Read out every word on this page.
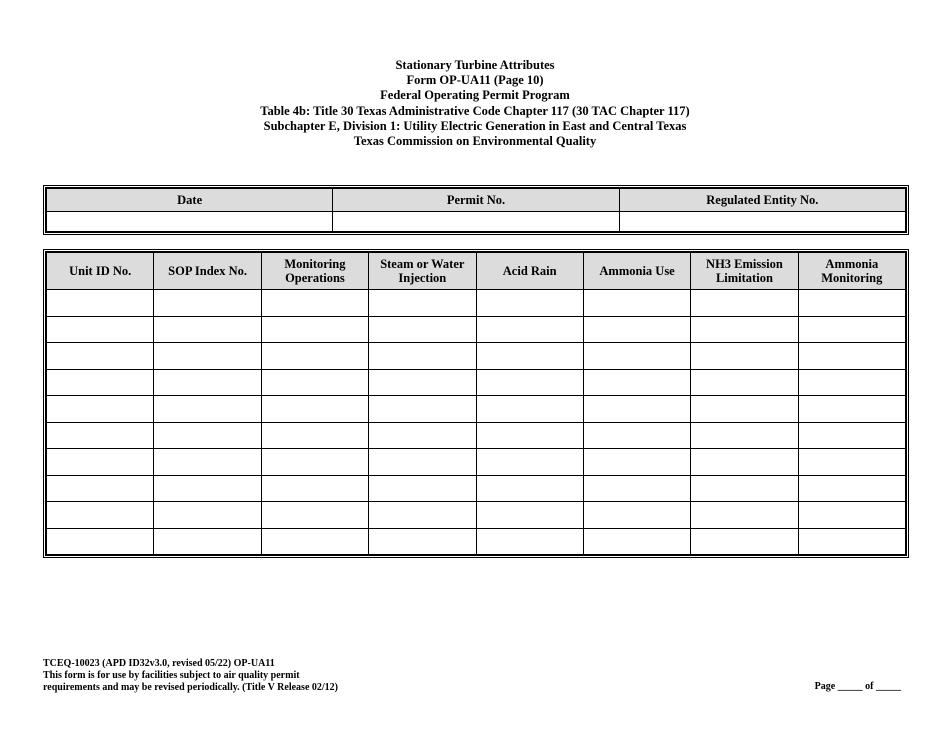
Stationary Turbine Attributes
Form OP-UA11 (Page 10)
Federal Operating Permit Program
Table 4b: Title 30 Texas Administrative Code Chapter 117 (30 TAC Chapter 117)
Subchapter E, Division 1: Utility Electric Generation in East and Central Texas
Texas Commission on Environmental Quality
Date	Permit No.	Regulated Entity No.

Unit ID No.	SOP Index No.	Monitoring Operations	Steam or Water Injection	Acid Rain	Ammonia Use	NH3 Emission Limitation	Ammonia Monitoring

TCEQ-10023 (APD ID32v3.0, revised 05/22) OP-UA11
This form is for use by facilities subject to air quality permit
requirements and may be revised periodically. (Title V Release 02/12)	Page _____ of _____
